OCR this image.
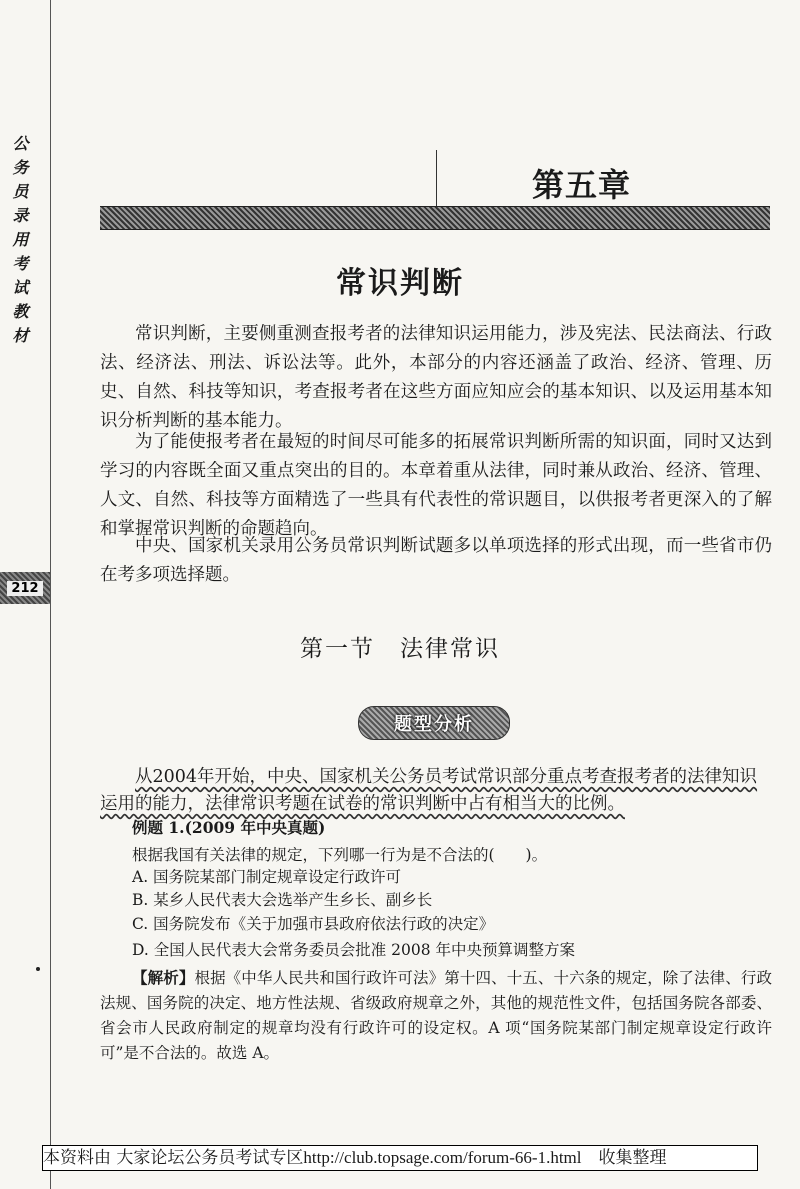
公
务
员
录
用
考
试
教
材
212
第五章
常识判断

常识判断，主要侧重测查报考者的法律知识运用能力，涉及宪法、民法商法、行政法、经济法、刑法、诉讼法等。此外，本部分的内容还涵盖了政治、经济、管理、历史、自然、科技等知识，考查报考者在这些方面应知应会的基本知识、以及运用基本知识分析判断的基本能力。

为了能使报考者在最短的时间尽可能多的拓展常识判断所需的知识面，同时又达到学习的内容既全面又重点突出的目的。本章着重从法律，同时兼从政治、经济、管理、人文、自然、科技等方面精选了一些具有代表性的常识题目，以供报考者更深入的了解和掌握常识判断的命题趋向。

中央、国家机关录用公务员常识判断试题多以单项选择的形式出现，而一些省市仍在考多项选择题。

第一节　法律常识
题型分析

从2004年开始，中央、国家机关公务员考试常识部分重点考查报考者的法律知识运用的能力，法律常识考题在试卷的常识判断中占有相当大的比例。

例题 1.(2009 年中央真题)
根据我国有关法律的规定，下列哪一行为是不合法的(　　)。
A. 国务院某部门制定规章设定行政许可
B. 某乡人民代表大会选举产生乡长、副乡长
C. 国务院发布《关于加强市县政府依法行政的决定》
D. 全国人民代表大会常务委员会批准 2008 年中央预算调整方案

【解析】根据《中华人民共和国行政许可法》第十四、十五、十六条的规定，除了法律、行政法规、国务院的决定、地方性法规、省级政府规章之外，其他的规范性文件，包括国务院各部委、省会市人民政府制定的规章均没有行政许可的设定权。A 项“国务院某部门制定规章设定行政许可”是不合法的。故选 A。

本资料由 大家论坛公务员考试专区http://club.topsage.com/forum-66-1.html　收集整理
